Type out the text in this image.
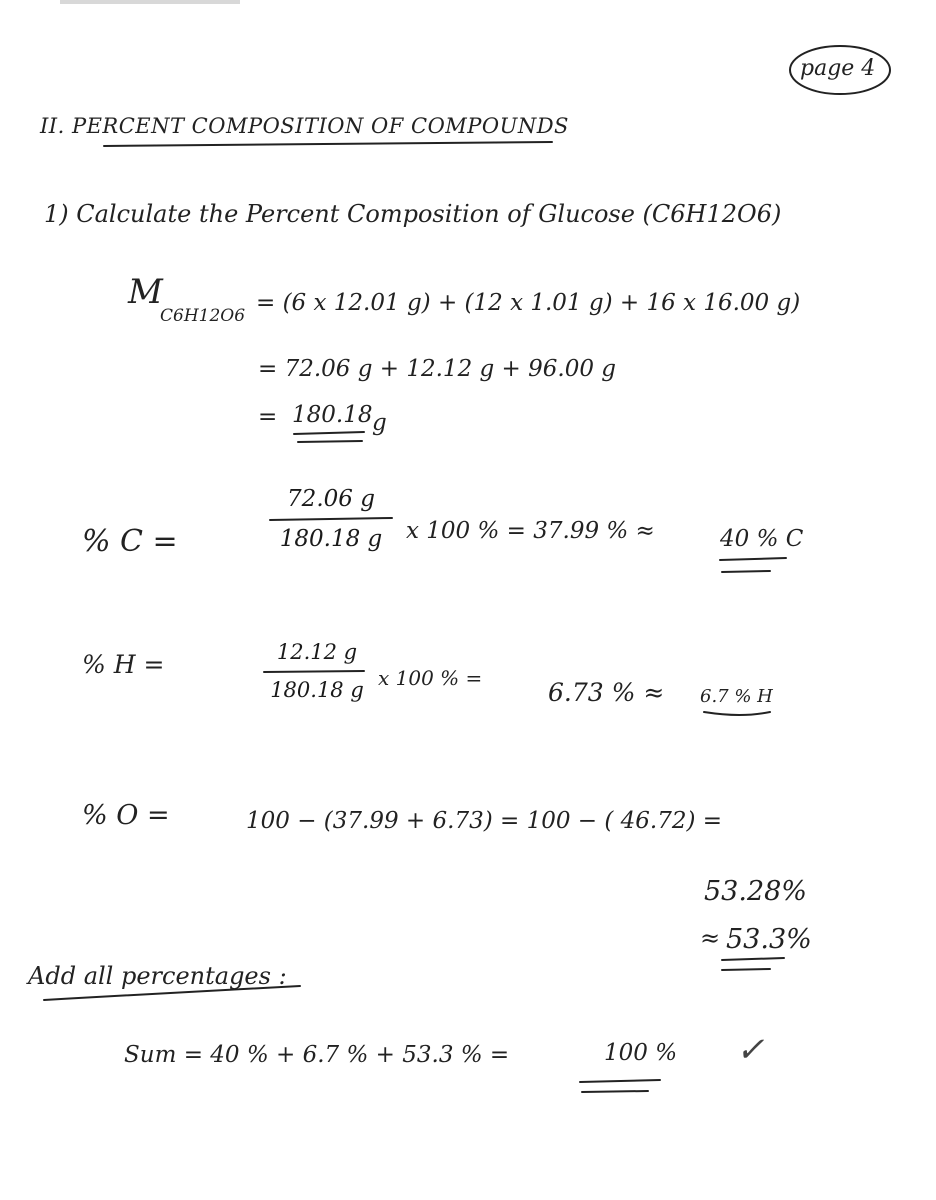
page 4
II. PERCENT COMPOSITION OF COMPOUNDS
1) Calculate the Percent Composition of Glucose (C6H12O6)
M
C6H12O6 = (6 x 12.01 g) + (12 x 1.01 g) + 16 x 16.00 g)
= 72.06 g + 12.12 g + 96.00 g
= 180.18 g
% C =
72.06 g
180.18 g	x 100 % = 37.99 % ≈	40 % C
% H =	12.12 g
180.18 g x 100 % =	6.73 % ≈ 6.7 % H
% O =	100 − (37.99 + 6.73) = 100 − ( 46.72) =
53.28%
≈ 53.3%
Add all percentages :
Sum = 40 % + 6.7 % + 53.3 % =	100 % ✓
